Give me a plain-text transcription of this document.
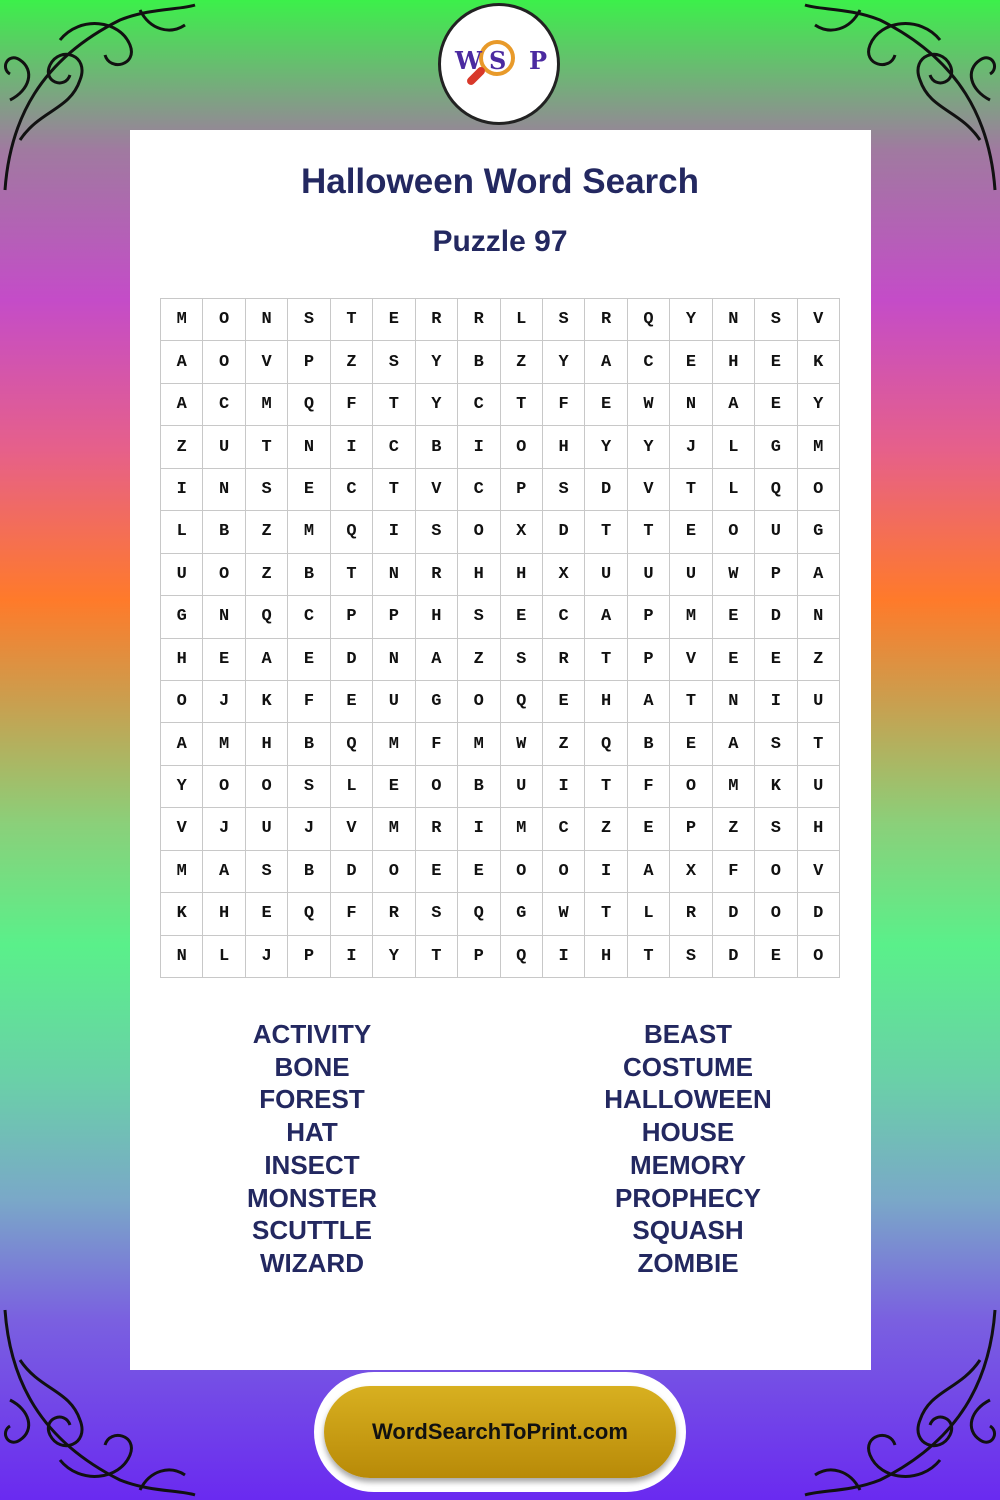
W S P
Halloween Word Search
Puzzle 97
M	O	N	S	T	E	R	R	L	S	R	Q	Y	N	S	V
A	O	V	P	Z	S	Y	B	Z	Y	A	C	E	H	E	K
A	C	M	Q	F	T	Y	C	T	F	E	W	N	A	E	Y
Z	U	T	N	I	C	B	I	O	H	Y	Y	J	L	G	M
I	N	S	E	C	T	V	C	P	S	D	V	T	L	Q	O
L	B	Z	M	Q	I	S	O	X	D	T	T	E	O	U	G
U	O	Z	B	T	N	R	H	H	X	U	U	U	W	P	A
G	N	Q	C	P	P	H	S	E	C	A	P	M	E	D	N
H	E	A	E	D	N	A	Z	S	R	T	P	V	E	E	Z
O	J	K	F	E	U	G	O	Q	E	H	A	T	N	I	U
A	M	H	B	Q	M	F	M	W	Z	Q	B	E	A	S	T
Y	O	O	S	L	E	O	B	U	I	T	F	O	M	K	U
V	J	U	J	V	M	R	I	M	C	Z	E	P	Z	S	H
M	A	S	B	D	O	E	E	O	O	I	A	X	F	O	V
K	H	E	Q	F	R	S	Q	G	W	T	L	R	D	O	D
N	L	J	P	I	Y	T	P	Q	I	H	T	S	D	E	O
ACTIVITY
BONE
FOREST
HAT
INSECT
MONSTER
SCUTTLE
WIZARD
BEAST
COSTUME
HALLOWEEN
HOUSE
MEMORY
PROPHECY
SQUASH
ZOMBIE
WordSearchToPrint.com
